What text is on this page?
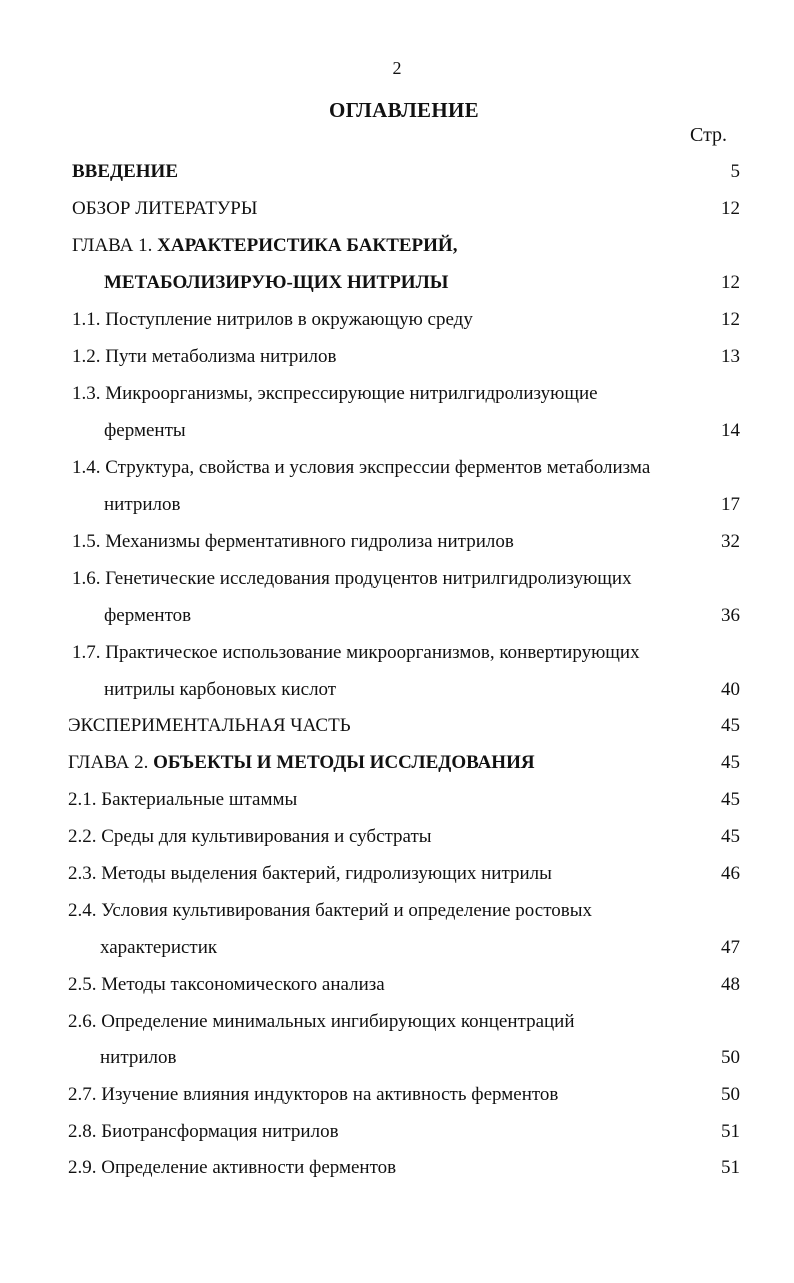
2
ОГЛАВЛЕНИЕ
Стр.
ВВЕДЕНИЕ	5
ОБЗОР ЛИТЕРАТУРЫ	12
ГЛАВА 1. ХАРАКТЕРИСТИКА БАКТЕРИЙ,
МЕТАБОЛИЗИРУЮ-ЩИХ НИТРИЛЫ	12
1.1. Поступление нитрилов в окружающую среду	12
1.2. Пути метаболизма нитрилов	13
1.3. Микроорганизмы, экспрессирующие нитрилгидролизующие
ферменты	14
1.4. Структура, свойства и условия экспрессии ферментов метаболизма
нитрилов	17
1.5. Механизмы ферментативного гидролиза нитрилов	32
1.6. Генетические исследования продуцентов нитрилгидролизующих
ферментов	36
1.7. Практическое использование микроорганизмов, конвертирующих
нитрилы карбоновых кислот	40
ЭКСПЕРИМЕНТАЛЬНАЯ ЧАСТЬ	45
ГЛАВА 2. ОБЪЕКТЫ И МЕТОДЫ ИССЛЕДОВАНИЯ	45
2.1. Бактериальные штаммы	45
2.2. Среды для культивирования и субстраты	45
2.3. Методы выделения бактерий, гидролизующих нитрилы	46
2.4. Условия культивирования бактерий и определение ростовых
характеристик	47
2.5. Методы таксономического анализа	48
2.6. Определение минимальных ингибирующих концентраций
нитрилов	50
2.7. Изучение влияния индукторов на активность ферментов	50
2.8. Биотрансформация нитрилов	51
2.9. Определение активности ферментов	51
